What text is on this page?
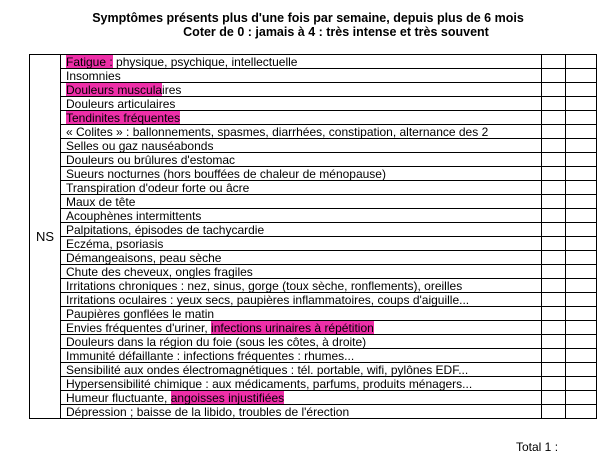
Symptômes présents plus d'une fois par semaine, depuis plus de 6 mois
Coter de 0 : jamais à 4 : très intense et très souvent
NS	Fatigue : physique, psychique, intellectuelle		
	Insomnies		
	Douleurs musculaires		
	Douleurs articulaires		
	Tendinites fréquentes		
	« Colites » : ballonnements, spasmes, diarrhées, constipation, alternance des 2		
	Selles ou gaz nauséabonds		
	Douleurs ou brûlures d'estomac		
	Sueurs nocturnes (hors bouffées de chaleur de ménopause)		
	Transpiration d'odeur forte ou âcre		
	Maux de tête		
	Acouphènes intermittents		
	Palpitations, épisodes de tachycardie		
	Eczéma, psoriasis		
	Démangeaisons, peau sèche		
	Chute des cheveux, ongles fragiles		
	Irritations chroniques : nez, sinus, gorge (toux sèche, ronflements), oreilles		
	Irritations oculaires : yeux secs, paupières inflammatoires, coups d'aiguille...		
	Paupières gonflées le matin		
	Envies fréquentes d'uriner, infections urinaires à répétition		
	Douleurs dans la région du foie (sous les côtes, à droite)		
	Immunité défaillante : infections fréquentes : rhumes...		
	Sensibilité aux ondes électromagnétiques : tél. portable, wifi, pylônes EDF...		
	Hypersensibilité chimique : aux médicaments, parfums, produits ménagers...		
	Humeur fluctuante, angoisses injustifiées		
	Dépression ; baisse de la libido, troubles de l'érection		
Total 1 :
